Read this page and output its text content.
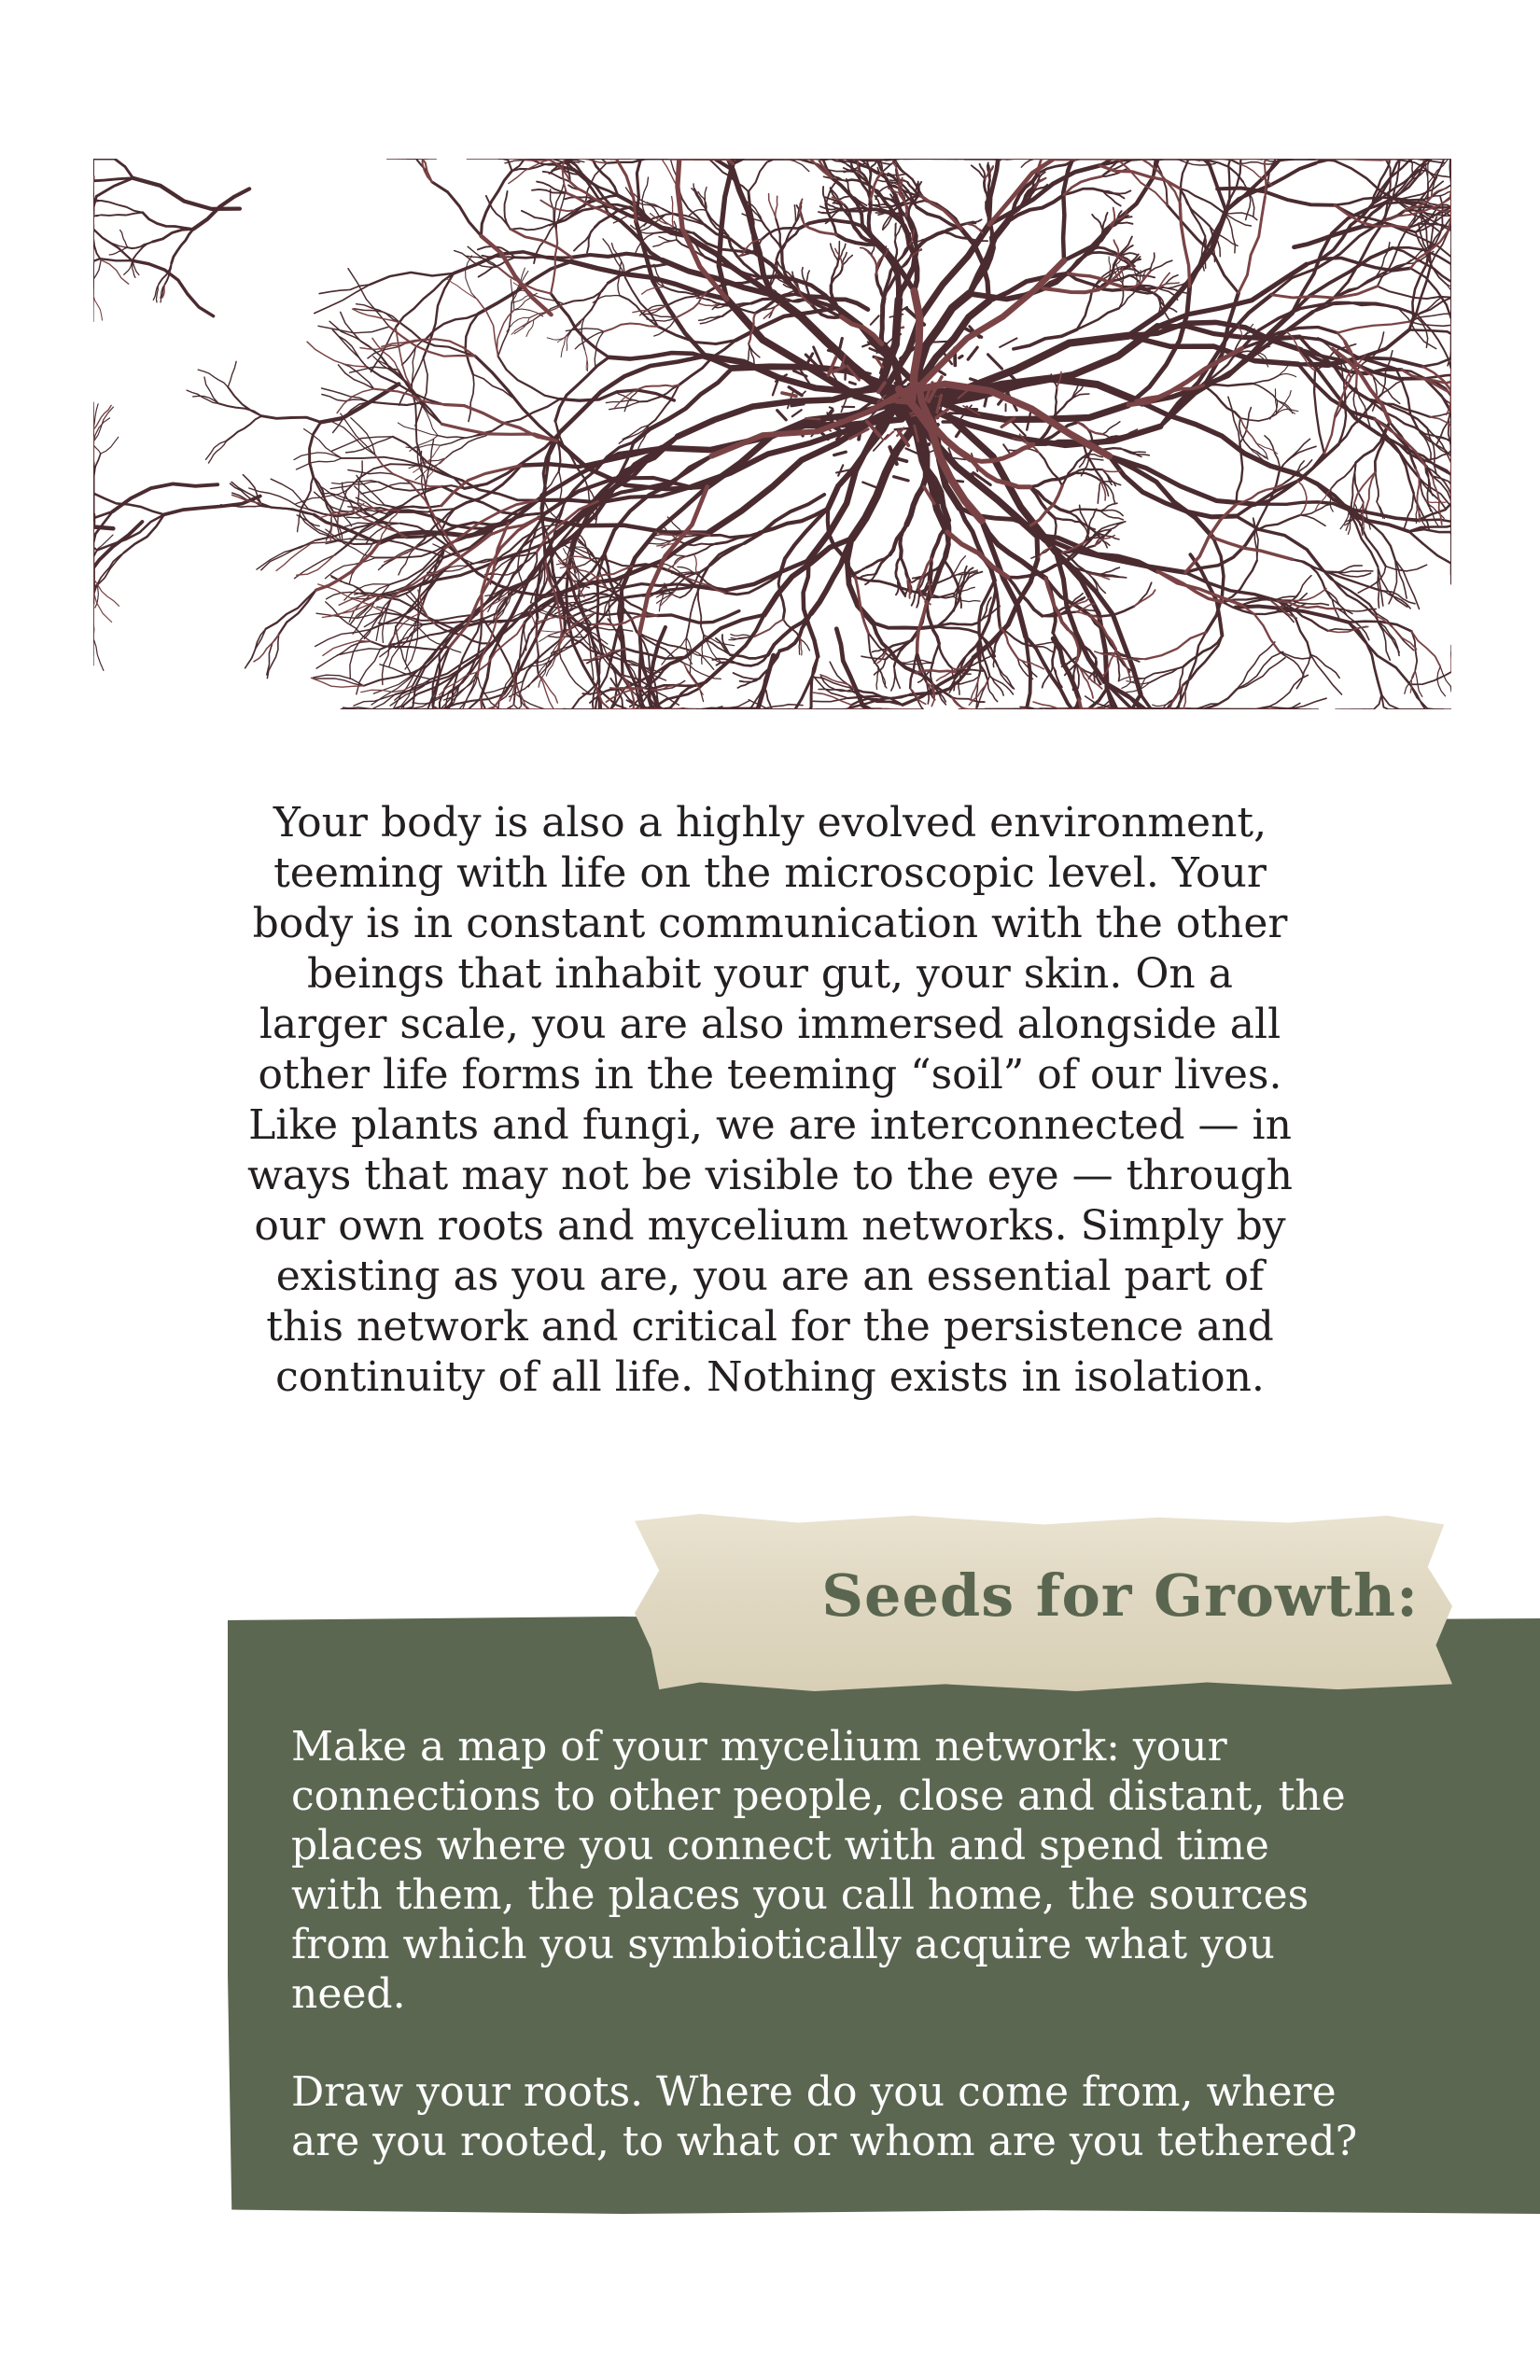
Your body is also a highly evolved environment,
teeming with life on the microscopic level. Your
body is in constant communication with the other
beings that inhabit your gut, your skin. On a
larger scale, you are also immersed alongside all
other life forms in the teeming “soil” of our lives.
Like plants and fungi, we are interconnected — in
ways that may not be visible to the eye — through
our own roots and mycelium networks. Simply by
existing as you are, you are an essential part of
this network and critical for the persistence and
continuity of all life. Nothing exists in isolation.
Seeds for Growth:
Make a map of your mycelium network: your
connections to other people, close and distant, the
places where you connect with and spend time
with them, the places you call home, the sources
from which you symbiotically acquire what you
need.
Draw your roots. Where do you come from, where
are you rooted, to what or whom are you tethered?
